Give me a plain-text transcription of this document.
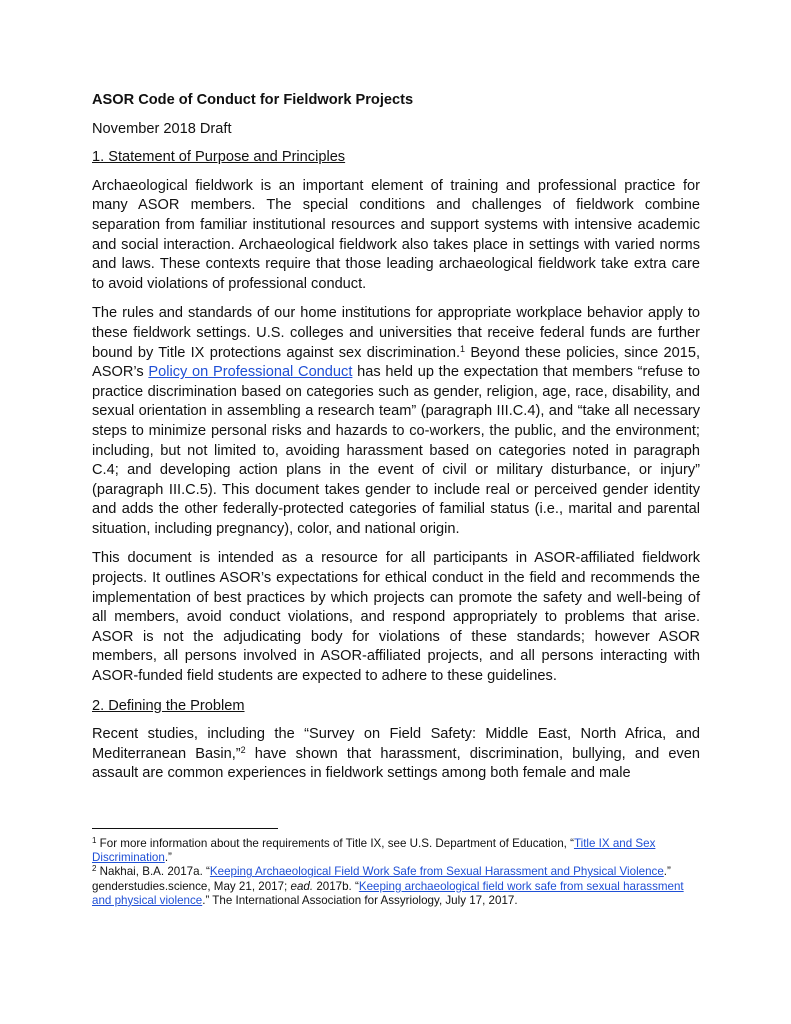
ASOR Code of Conduct for Fieldwork Projects

November 2018 Draft

1. Statement of Purpose and Principles

Archaeological fieldwork is an important element of training and professional practice for many ASOR members. The special conditions and challenges of fieldwork combine separation from familiar institutional resources and support systems with intensive academic and social interaction. Archaeological fieldwork also takes place in settings with varied norms and laws. These contexts require that those leading archaeological fieldwork take extra care to avoid violations of professional conduct.

The rules and standards of our home institutions for appropriate workplace behavior apply to these fieldwork settings. U.S. colleges and universities that receive federal funds are further bound by Title IX protections against sex discrimination.$^1$ Beyond these policies, since 2015, ASOR’s Policy on Professional Conduct has held up the expectation that members “refuse to practice discrimination based on categories such as gender, religion, age, race, disability, and sexual orientation in assembling a research team” (paragraph III.C.4), and “take all necessary steps to minimize personal risks and hazards to co-workers, the public, and the environment; including, but not limited to, avoiding harassment based on categories noted in paragraph C.4; and developing action plans in the event of civil or military disturbance, or injury” (paragraph III.C.5). This document takes gender to include real or perceived gender identity and adds the other federally-protected categories of familial status (i.e., marital and parental situation, including pregnancy), color, and national origin.

This document is intended as a resource for all participants in ASOR-affiliated fieldwork projects. It outlines ASOR’s expectations for ethical conduct in the field and recommends the implementation of best practices by which projects can promote the safety and well-being of all members, avoid conduct violations, and respond appropriately to problems that arise. ASOR is not the adjudicating body for violations of these standards; however ASOR members, all persons involved in ASOR-affiliated projects, and all persons interacting with ASOR-funded field students are expected to adhere to these guidelines.

2. Defining the Problem

Recent studies, including the “Survey on Field Safety: Middle East, North Africa, and Mediterranean Basin,”$^2$ have shown that harassment, discrimination, bullying, and even assault are common experiences in fieldwork settings among both female and male

$^1$ For more information about the requirements of Title IX, see U.S. Department of Education, “Title IX and Sex Discrimination.”

$^2$ Nakhai, B.A. 2017a. “Keeping Archaeological Field Work Safe from Sexual Harassment and Physical Violence.” genderstudies.science, May 21, 2017; ead. 2017b. “Keeping archaeological field work safe from sexual harassment and physical violence.” The International Association for Assyriology, July 17, 2017.
